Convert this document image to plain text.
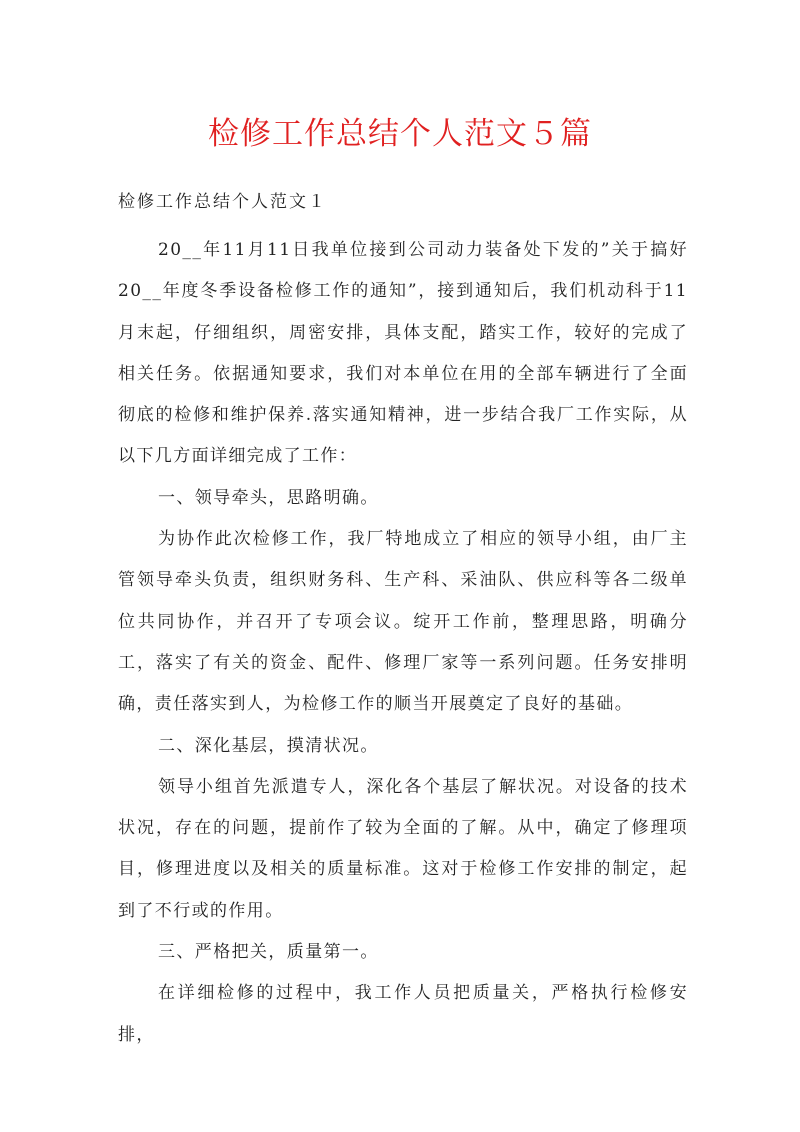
检修工作总结个人范文５篇
检修工作总结个人范文１

20__年11月11日我单位接到公司动力装备处下发的”关于搞好20__年度冬季设备检修工作的通知”，接到通知后，我们机动科于11月末起，仔细组织，周密安排，具体支配，踏实工作，较好的完成了相关任务。依据通知要求，我们对本单位在用的全部车辆进行了全面彻底的检修和维护保养.落实通知精神，进一步结合我厂工作实际，从以下几方面详细完成了工作：

一、领导牵头，思路明确。

为协作此次检修工作，我厂特地成立了相应的领导小组，由厂主管领导牵头负责，组织财务科、生产科、采油队、供应科等各二级单位共同协作，并召开了专项会议。绽开工作前，整理思路，明确分工，落实了有关的资金、配件、修理厂家等一系列问题。任务安排明确，责任落实到人，为检修工作的顺当开展奠定了良好的基础。

二、深化基层，摸清状况。

领导小组首先派遣专人，深化各个基层了解状况。对设备的技术状况，存在的问题，提前作了较为全面的了解。从中，确定了修理项目，修理进度以及相关的质量标准。这对于检修工作安排的制定，起到了不行或的作用。

三、严格把关，质量第一。

在详细检修的过程中，我工作人员把质量关，严格执行检修安排，
